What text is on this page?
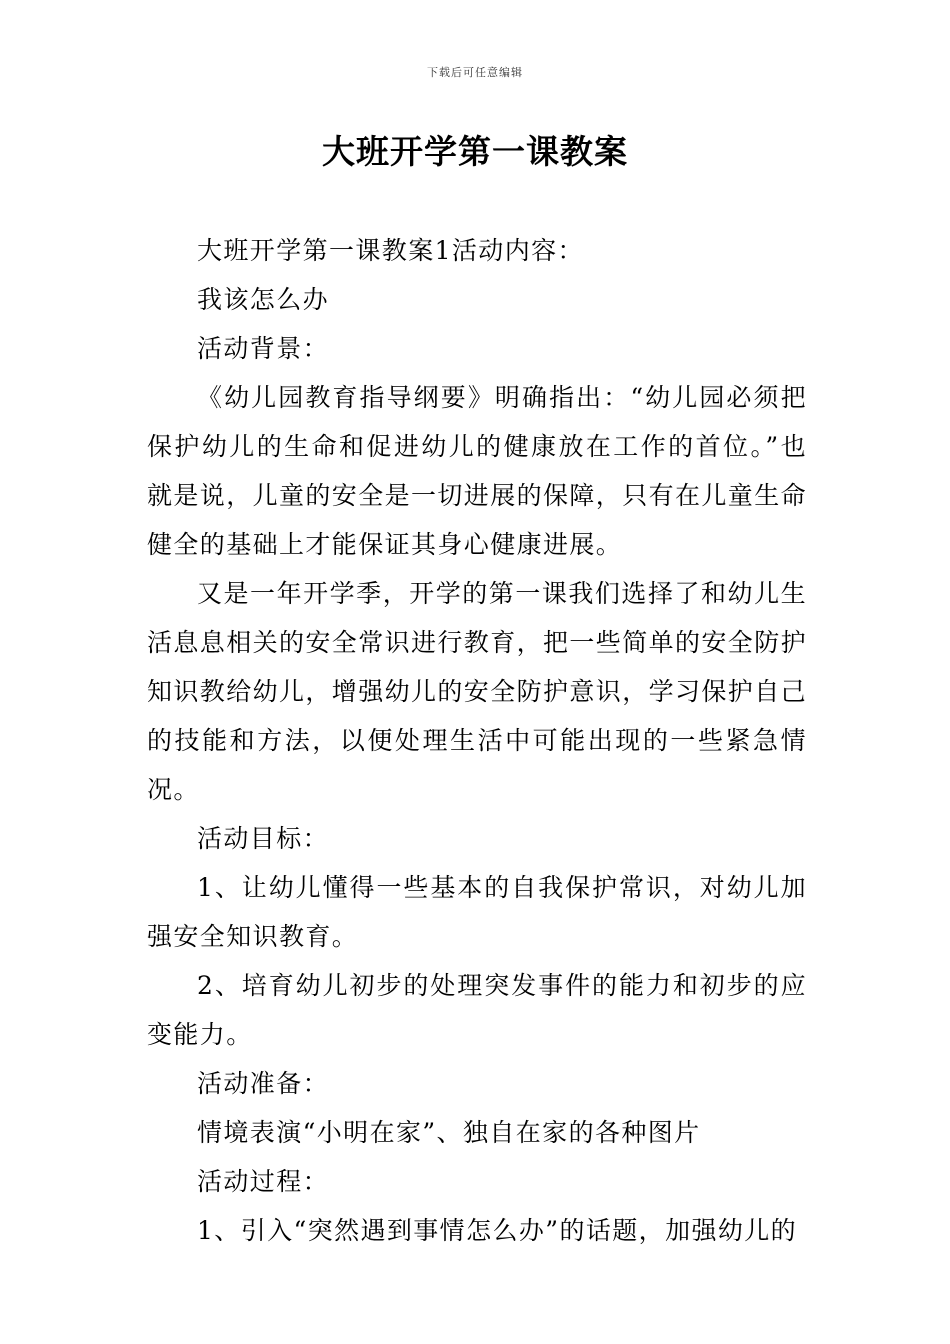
下载后可任意编辑
大班开学第一课教案

大班开学第一课教案1活动内容：

我该怎么办

活动背景：

《幼儿园教育指导纲要》明确指出：“幼儿园必须把保护幼儿的生命和促进幼儿的健康放在工作的首位。”也就是说，儿童的安全是一切进展的保障，只有在儿童生命健全的基础上才能保证其身心健康进展。

又是一年开学季，开学的第一课我们选择了和幼儿生活息息相关的安全常识进行教育，把一些简单的安全防护知识教给幼儿，增强幼儿的安全防护意识，学习保护自己的技能和方法，以便处理生活中可能出现的一些紧急情况。

活动目标：

1、让幼儿懂得一些基本的自我保护常识，对幼儿加强安全知识教育。

2、培育幼儿初步的处理突发事件的能力和初步的应变能力。

活动准备：

情境表演“小明在家”、独自在家的各种图片

活动过程：

1、引入“突然遇到事情怎么办”的话题，加强幼儿的
